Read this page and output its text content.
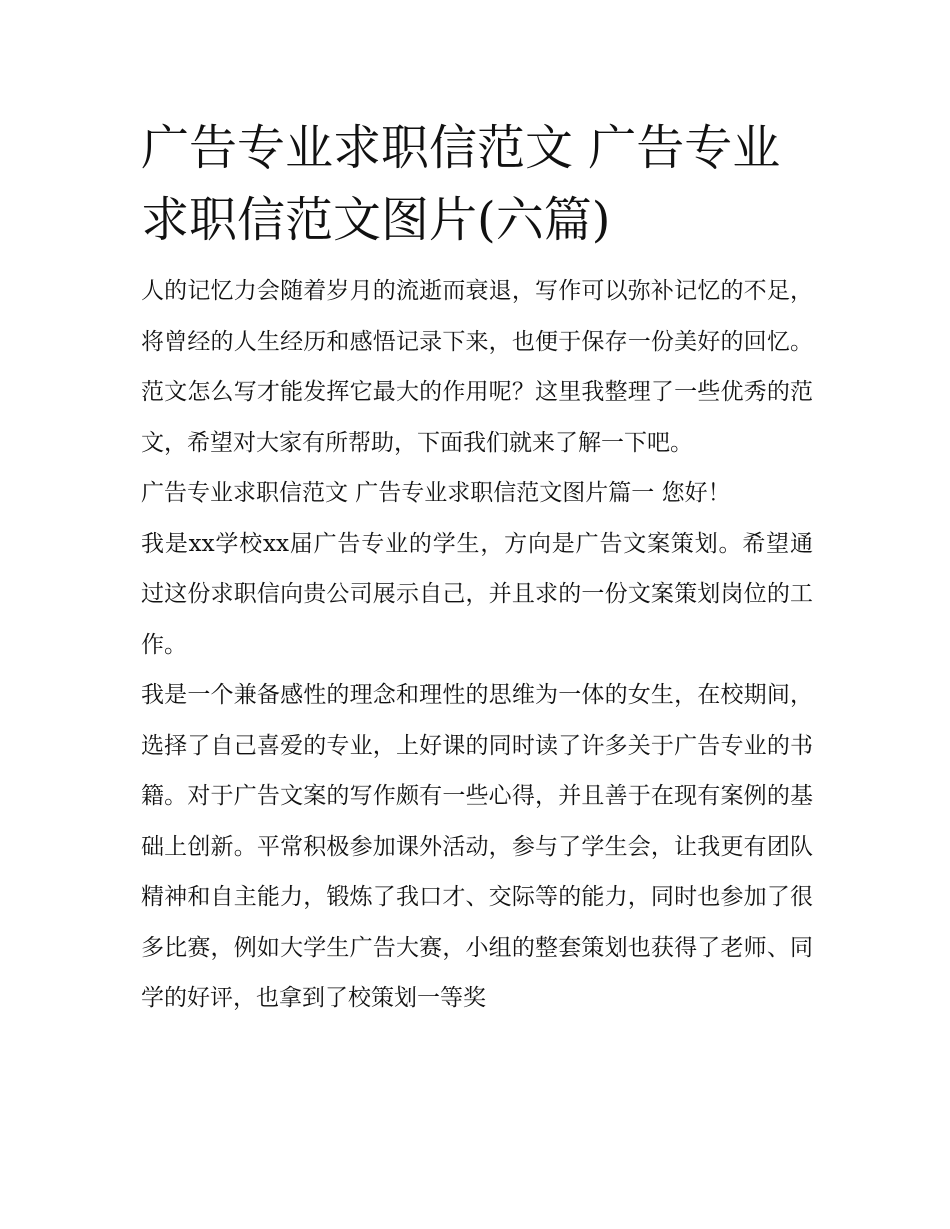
广告专业求职信范文 广告专业求职信范文图片(六篇)

人的记忆力会随着岁月的流逝而衰退，写作可以弥补记忆的不足，将曾经的人生经历和感悟记录下来，也便于保存一份美好的回忆。范文怎么写才能发挥它最大的作用呢？这里我整理了一些优秀的范文，希望对大家有所帮助，下面我们就来了解一下吧。

广告专业求职信范文 广告专业求职信范文图片篇一 您好！

我是xx学校xx届广告专业的学生，方向是广告文案策划。希望通过这份求职信向贵公司展示自己，并且求的一份文案策划岗位的工作。

我是一个兼备感性的理念和理性的思维为一体的女生，在校期间，选择了自己喜爱的专业，上好课的同时读了许多关于广告专业的书籍。对于广告文案的写作颇有一些心得，并且善于在现有案例的基础上创新。平常积极参加课外活动，参与了学生会，让我更有团队精神和自主能力，锻炼了我口才、交际等的能力，同时也参加了很多比赛，例如大学生广告大赛，小组的整套策划也获得了老师、同学的好评，也拿到了校策划一等奖
